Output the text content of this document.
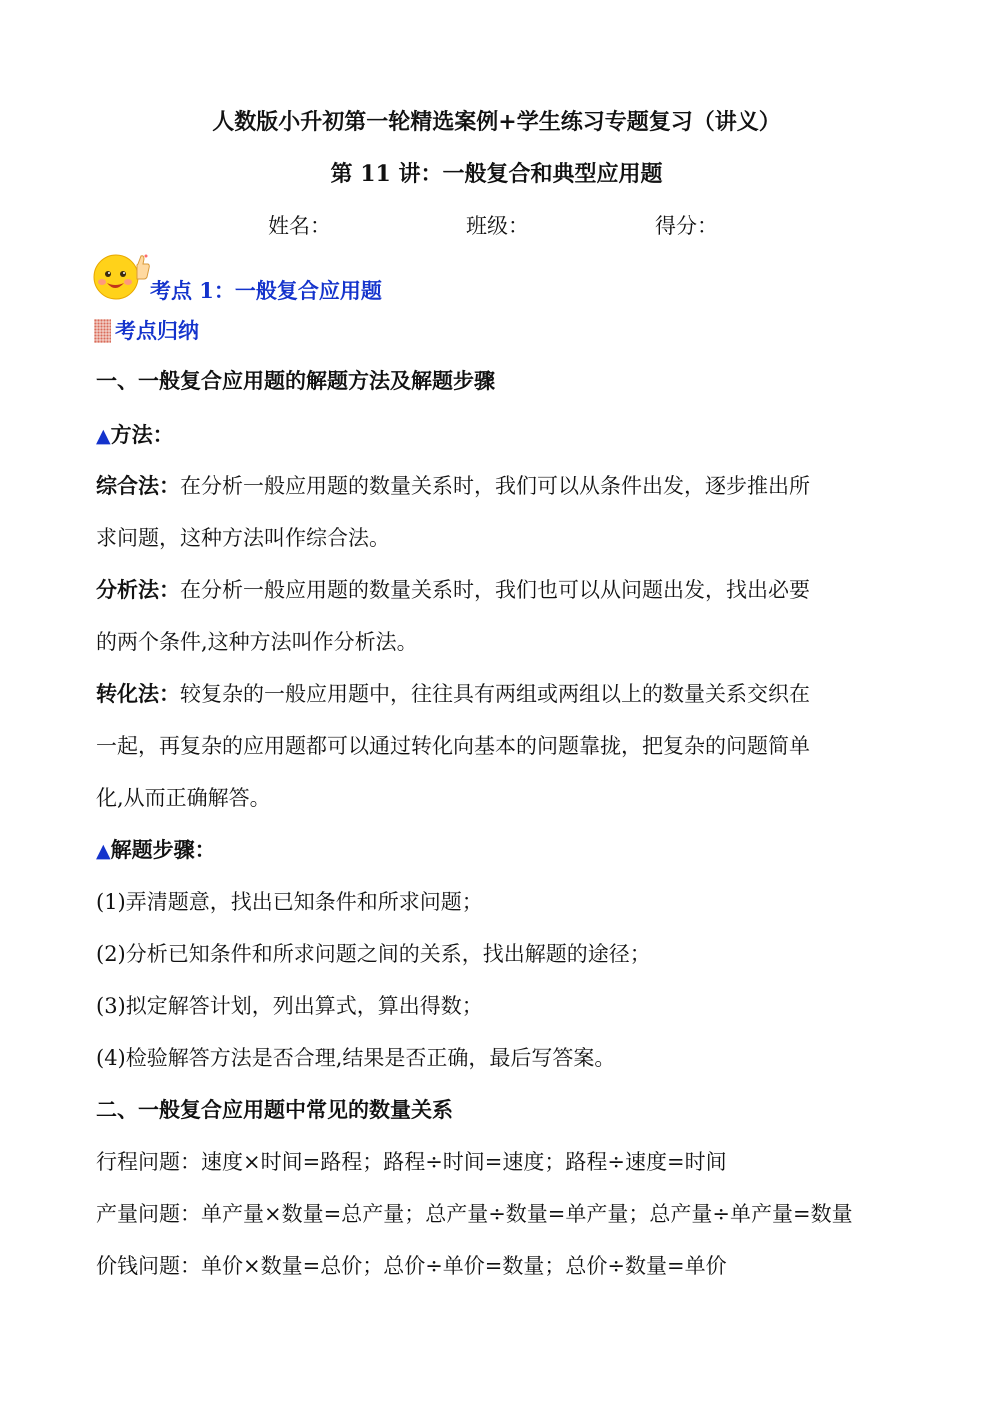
人数版小升初第一轮精选案例+学生练习专题复习（讲义）
第 11 讲：一般复合和典型应用题
姓名：	班级：	得分：
考点 1：一般复合应用题
考点归纳
一、一般复合应用题的解题方法及解题步骤
▲方法：
综合法：在分析一般应用题的数量关系时，我们可以从条件出发，逐步推出所
求问题，这种方法叫作综合法。
分析法：在分析一般应用题的数量关系时，我们也可以从问题出发，找出必要
的两个条件,这种方法叫作分析法。
转化法：较复杂的一般应用题中，往往具有两组或两组以上的数量关系交织在
一起，再复杂的应用题都可以通过转化向基本的问题靠拢，把复杂的问题简单
化,从而正确解答。
▲解题步骤：
(1)弄清题意，找出已知条件和所求问题；
(2)分析已知条件和所求问题之间的关系，找出解题的途径；
(3)拟定解答计划，列出算式，算出得数；
(4)检验解答方法是否合理,结果是否正确，最后写答案。
二、一般复合应用题中常见的数量关系
行程问题：速度×时间=路程；路程÷时间=速度；路程÷速度=时间
产量问题：单产量×数量=总产量；总产量÷数量=单产量；总产量÷单产量=数量
价钱问题：单价×数量=总价；总价÷单价=数量；总价÷数量=单价
